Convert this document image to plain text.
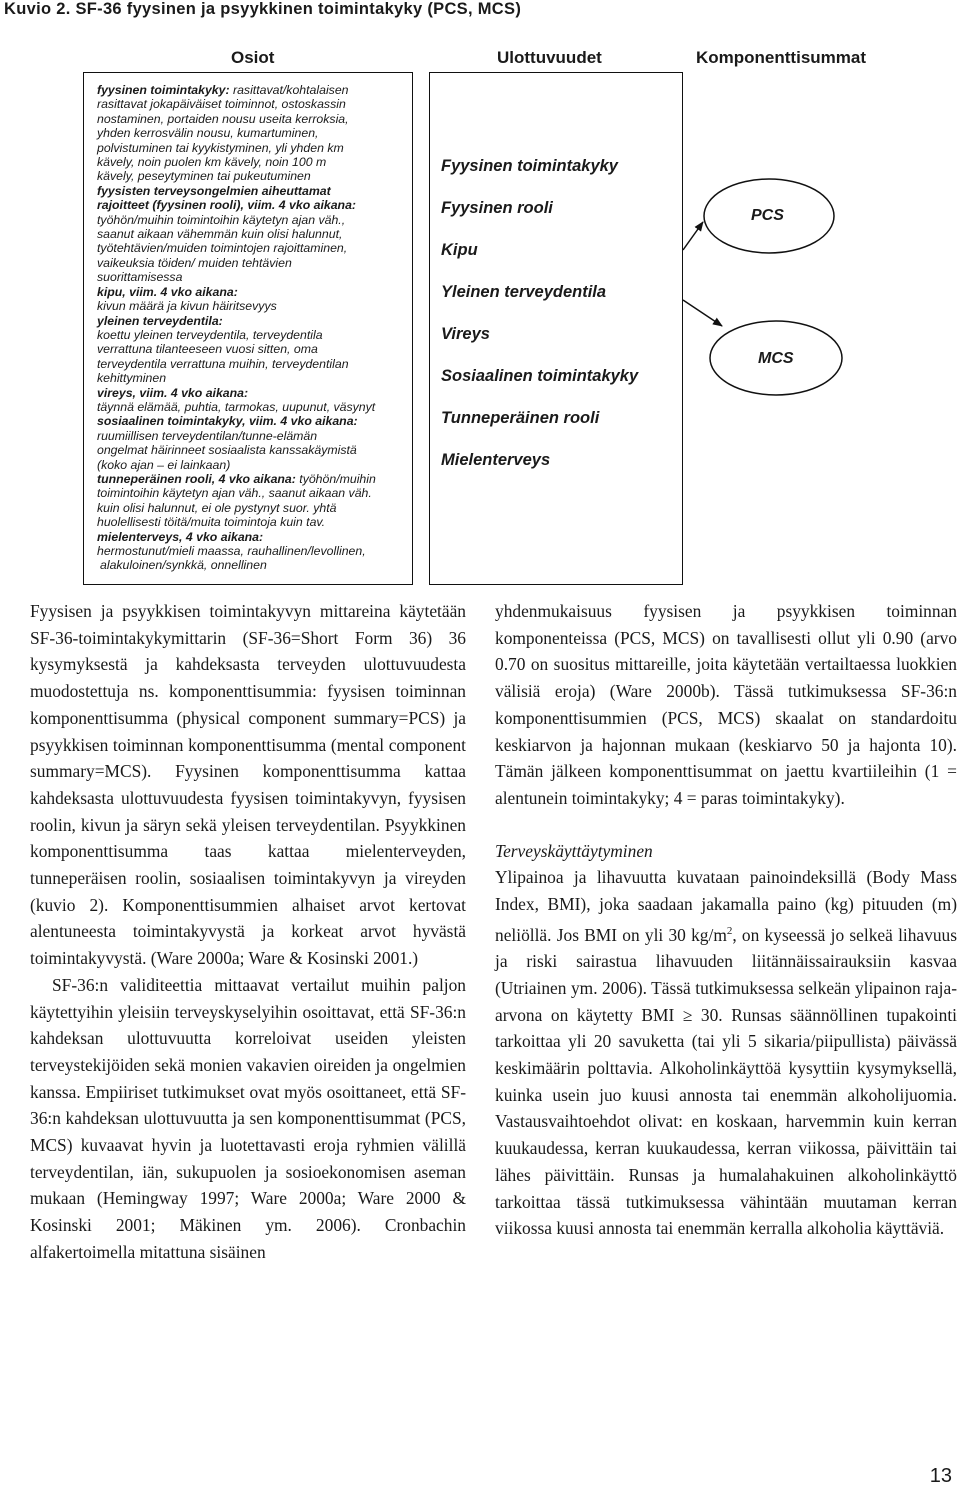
Kuvio 2. SF-36 fyysinen ja psyykkinen toimintakyky (PCS, MCS)
Osiot	Ulottuvuudet	Komponenttisummat
fyysinen toimintakyky: rasittavat/kohtalaisen
rasittavat jokapäiväiset toiminnot, ostoskassin
nostaminen, portaiden nousu useita kerroksia,
yhden kerrosvälin nousu, kumartuminen,
polvistuminen tai kyykistyminen, yli yhden km
kävely, noin puolen km kävely, noin 100 m
kävely, peseytyminen tai pukeutuminen
fyysisten terveysongelmien aiheuttamat
rajoitteet (fyysinen rooli), viim. 4 vko aikana:
työhön/muihin toimintoihin käytetyn ajan väh.,
saanut aikaan vähemmän kuin olisi halunnut,
työtehtävien/muiden toimintojen rajoittaminen,
vaikeuksia töiden/ muiden tehtävien
suorittamisessa
kipu, viim. 4 vko aikana:
kivun määrä ja kivun häiritsevyys
yleinen terveydentila:
koettu yleinen terveydentila, terveydentila
verrattuna tilanteeseen vuosi sitten, oma
terveydentila verrattuna muihin, terveydentilan
kehittyminen
vireys, viim. 4 vko aikana:
täynnä elämää, puhtia, tarmokas, uupunut, väsynyt
sosiaalinen toimintakyky, viim. 4 vko aikana:
ruumiillisen terveydentilan/tunne-elämän
ongelmat häirinneet sosiaalista kanssakäymistä
(koko ajan – ei lainkaan)
tunneperäinen rooli, 4 vko aikana: työhön/muihin
toimintoihin käytetyn ajan väh., saanut aikaan väh.
kuin olisi halunnut, ei ole pystynyt suor. yhtä
huolellisesti töitä/muita toimintoja kuin tav.
mielenterveys, 4 vko aikana:
hermostunut/mieli maassa, rauhallinen/levollinen,
alakuloinen/synkkä, onnellinen
Fyysinen toimintakyky
Fyysinen rooli
Kipu
Yleinen terveydentila
Vireys
Sosiaalinen toimintakyky
Tunneperäinen rooli
Mielenterveys
PCS
MCS

Fyysisen ja psyykkisen toimintakyvyn mittareina käytetään SF-36-toimintakykymittarin (SF-36=Short Form 36) 36 kysymyksestä ja kahdeksasta terveyden ulottuvuudesta muodostettuja ns. komponenttisummia: fyysisen toiminnan komponenttisumma (physical component summary=PCS) ja psyykkisen toiminnan komponenttisumma (mental component summary=MCS). Fyysinen komponenttisumma kattaa kahdeksasta ulottuvuudesta fyysisen toimintakyvyn, fyysisen roolin, kivun ja säryn sekä yleisen terveydentilan. Psyykkinen komponenttisumma taas kattaa mielenterveyden, tunneperäisen roolin, sosiaalisen toimintakyvyn ja vireyden (kuvio 2). Komponenttisummien alhaiset arvot kertovat alentuneesta toimintakyvystä ja korkeat arvot hyvästä toimintakyvystä. (Ware 2000a; Ware & Kosinski 2001.)

SF-36:n validiteettia mittaavat vertailut muihin paljon käytettyihin yleisiin terveyskyselyihin osoittavat, että SF-36:n kahdeksan ulottuvuutta korreloivat useiden yleisten terveystekijöiden sekä monien vakavien oireiden ja ongelmien kanssa. Empiiriset tutkimukset ovat myös osoittaneet, että SF-36:n kahdeksan ulottuvuutta ja sen komponenttisummat (PCS, MCS) kuvaavat hyvin ja luotettavasti eroja ryhmien välillä terveydentilan, iän, sukupuolen ja sosioekonomisen aseman mukaan (Hemingway 1997; Ware 2000a; Ware 2000 & Kosinski 2001; Mäkinen ym. 2006). Cronbachin alfakertoimella mitattuna sisäinen

yhdenmukaisuus fyysisen ja psyykkisen toiminnan komponenteissa (PCS, MCS) on tavallisesti ollut yli 0.90 (arvo 0.70 on suositus mittareille, joita käytetään vertailtaessa luokkien välisiä eroja) (Ware 2000b). Tässä tutkimuksessa SF-36:n komponenttisummien (PCS, MCS) skaalat on standardoitu keskiarvon ja hajonnan mukaan (keskiarvo 50 ja hajonta 10). Tämän jälkeen komponenttisummat on jaettu kvartiileihin (1 = alentunein toimintakyky; 4 = paras toimintakyky).

Terveyskäyttäytyminen

Ylipainoa ja lihavuutta kuvataan painoindeksillä (Body Mass Index, BMI), joka saadaan jakamalla paino (kg) pituuden (m) neliöllä. Jos BMI on yli 30 $kg/m^2$, on kyseessä jo selkeä lihavuus ja riski sairastua lihavuuden liitännäissairauksiin kasvaa (Utriainen ym. 2006). Tässä tutkimuksessa selkeän ylipainon raja-arvona on käytetty BMI ≥ 30. Runsas säännöllinen tupakointi tarkoittaa yli 20 savuketta (tai yli 5 sikaria/piipullista) päivässä keskimäärin polttavia. Alkoholinkäyttöä kysyttiin kysymyksellä, kuinka usein juo kuusi annosta tai enemmän alkoholijuomia. Vastausvaihtoehdot olivat: en koskaan, harvemmin kuin kerran kuukaudessa, kerran kuukaudessa, kerran viikossa, päivittäin tai lähes päivittäin. Runsas ja humalahakuinen alkoholinkäyttö tarkoittaa tässä tutkimuksessa vähintään muutaman kerran viikossa kuusi annosta tai enemmän kerralla alkoholia käyttäviä.

13
